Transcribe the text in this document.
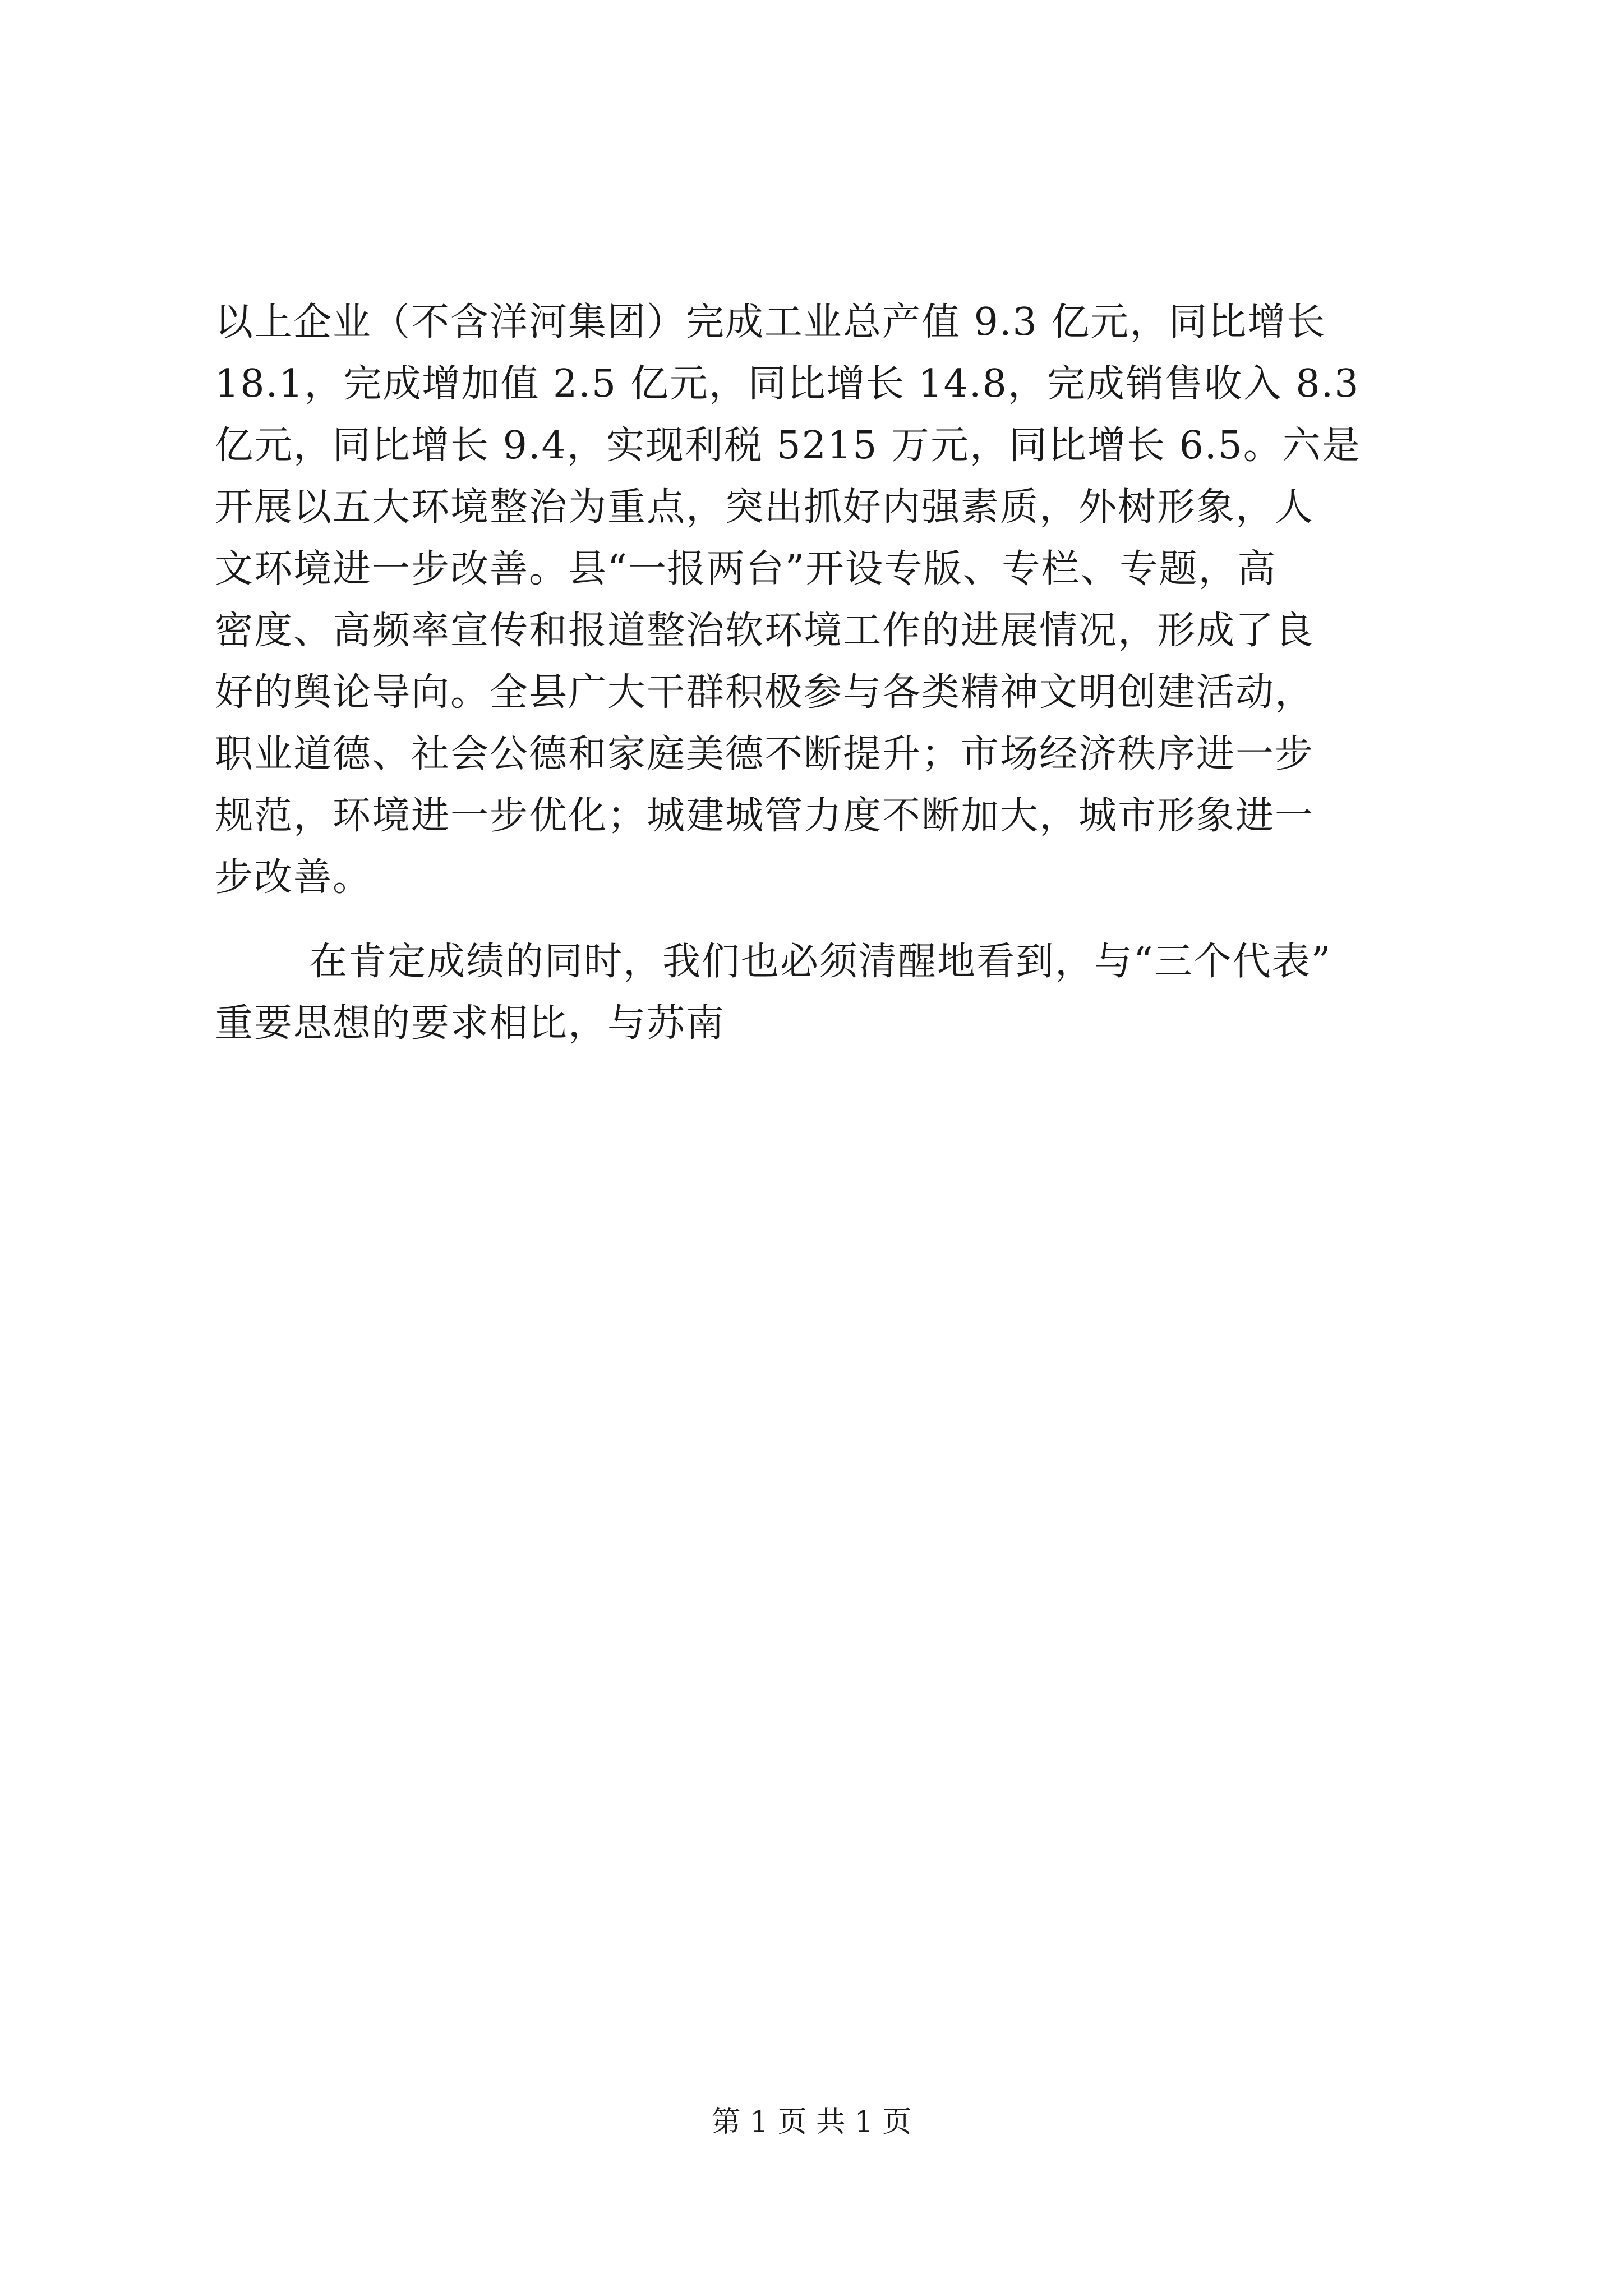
以上企业（不含洋河集团）完成工业总产值 9.3 亿元，同比增长
18.1，完成增加值 2.5 亿元，同比增长 14.8，完成销售收入 8.3
亿元，同比增长 9.4，实现利税 5215 万元，同比增长 6.5。六是
开展以五大环境整治为重点，突出抓好内强素质，外树形象，人
文环境进一步改善。县“一报两台”开设专版、专栏、专题，高
密度、高频率宣传和报道整治软环境工作的进展情况，形成了良
好的舆论导向。全县广大干群积极参与各类精神文明创建活动，
职业道德、社会公德和家庭美德不断提升；市场经济秩序进一步
规范，环境进一步优化；城建城管力度不断加大，城市形象进一
步改善。
在肯定成绩的同时，我们也必须清醒地看到，与“三个代表”
重要思想的要求相比，与苏南
第 1 页 共 1 页
